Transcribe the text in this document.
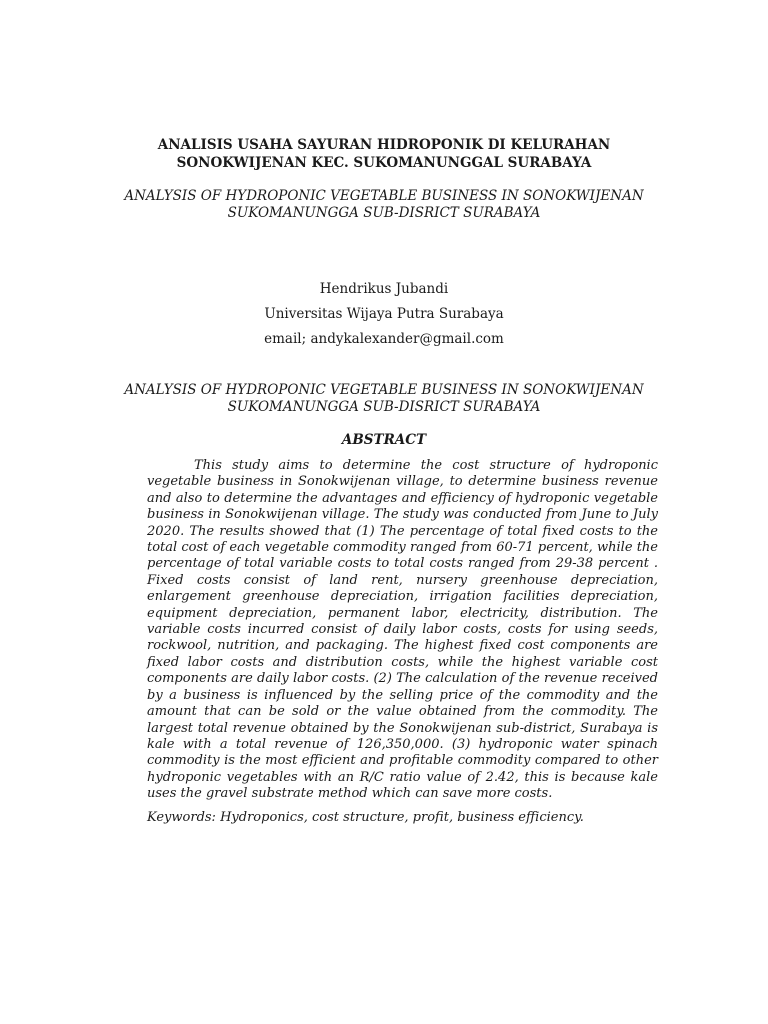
ANALISIS USAHA SAYURAN HIDROPONIK DI KELURAHAN
SONOKWIJENAN KEC. SUKOMANUNGGAL SURABAYA
ANALYSIS OF HYDROPONIC VEGETABLE BUSINESS IN SONOKWIJENAN
SUKOMANUNGGA SUB-DISRICT SURABAYA
Hendrikus Jubandi
Universitas Wijaya Putra Surabaya
email; andykalexander@gmail.com
ANALYSIS OF HYDROPONIC VEGETABLE BUSINESS IN SONOKWIJENAN
SUKOMANUNGGA SUB-DISRICT SURABAYA
ABSTRACT

This study aims to determine the cost structure of hydroponic vegetable business in Sonokwijenan village, to determine business revenue and also to determine the advantages and efficiency of hydroponic vegetable business in Sonokwijenan village. The study was conducted from June to July 2020. The results showed that (1) The percentage of total fixed costs to the total cost of each vegetable commodity ranged from 60-71 percent, while the percentage of total variable costs to total costs ranged from 29-38 percent . Fixed costs consist of land rent, nursery greenhouse depreciation, enlargement greenhouse depreciation, irrigation facilities depreciation, equipment depreciation, permanent labor, electricity, distribution. The variable costs incurred consist of daily labor costs, costs for using seeds, rockwool, nutrition, and packaging. The highest fixed cost components are fixed labor costs and distribution costs, while the highest variable cost components are daily labor costs. (2) The calculation of the revenue received by a business is influenced by the selling price of the commodity and the amount that can be sold or the value obtained from the commodity. The largest total revenue obtained by the Sonokwijenan sub-district, Surabaya is kale with a total revenue of 126,350,000. (3) hydroponic water spinach commodity is the most efficient and profitable commodity compared to other hydroponic vegetables with an R/C ratio value of 2.42, this is because kale uses the gravel substrate method which can save more costs.

Keywords: Hydroponics, cost structure, profit, business efficiency.
